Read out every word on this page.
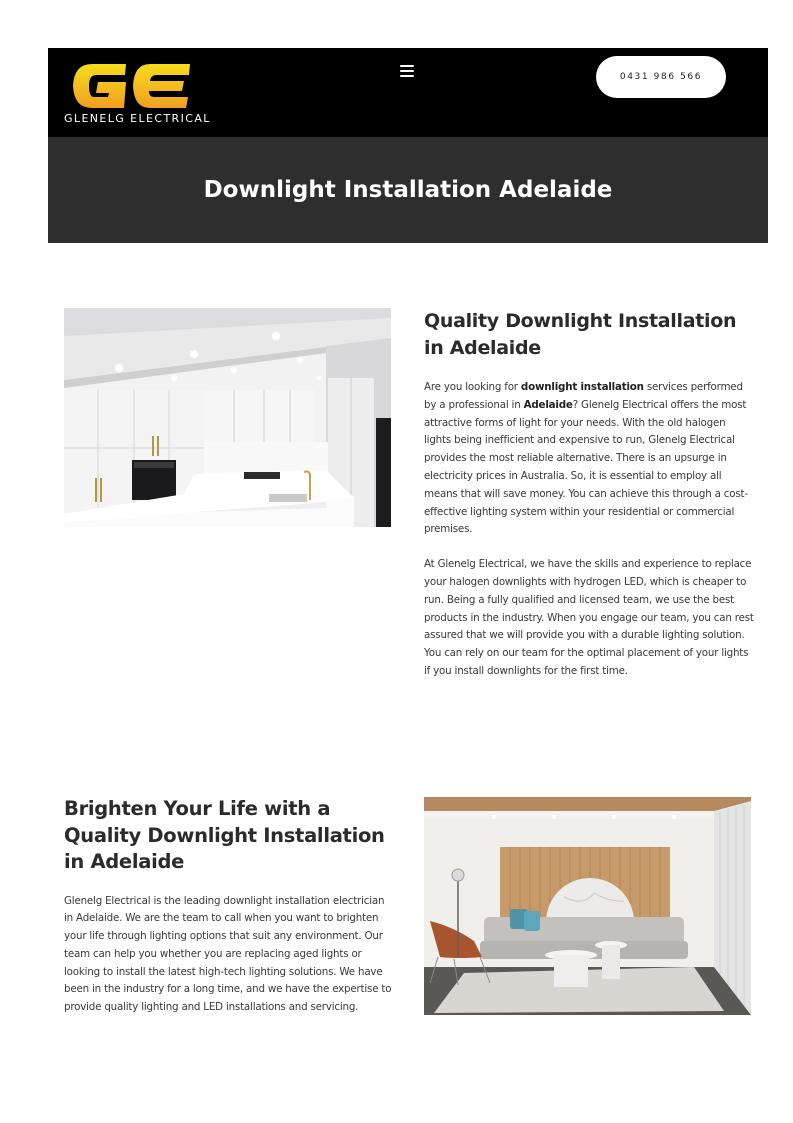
GLENELG ELECTRICAL
0431 986 566
Downlight Installation Adelaide
Quality Downlight Installation in Adelaide

Are you looking for downlight installation services performed by a professional in Adelaide? Glenelg Electrical offers the most attractive forms of light for your needs. With the old halogen lights being inefficient and expensive to run, Glenelg Electrical provides the most reliable alternative. There is an upsurge in electricity prices in Australia. So, it is essential to employ all means that will save money. You can achieve this through a cost-effective lighting system within your residential or commercial premises.

At Glenelg Electrical, we have the skills and experience to replace your halogen downlights with hydrogen LED, which is cheaper to run. Being a fully qualified and licensed team, we use the best products in the industry. When you engage our team, you can rest assured that we will provide you with a durable lighting solution. You can rely on our team for the optimal placement of your lights if you install downlights for the first time.

Brighten Your Life with a Quality Downlight Installation in Adelaide

Glenelg Electrical is the leading downlight installation electrician in Adelaide. We are the team to call when you want to brighten your life through lighting options that suit any environment. Our team can help you whether you are replacing aged lights or looking to install the latest high-tech lighting solutions. We have been in the industry for a long time, and we have the expertise to provide quality lighting and LED installations and servicing.
